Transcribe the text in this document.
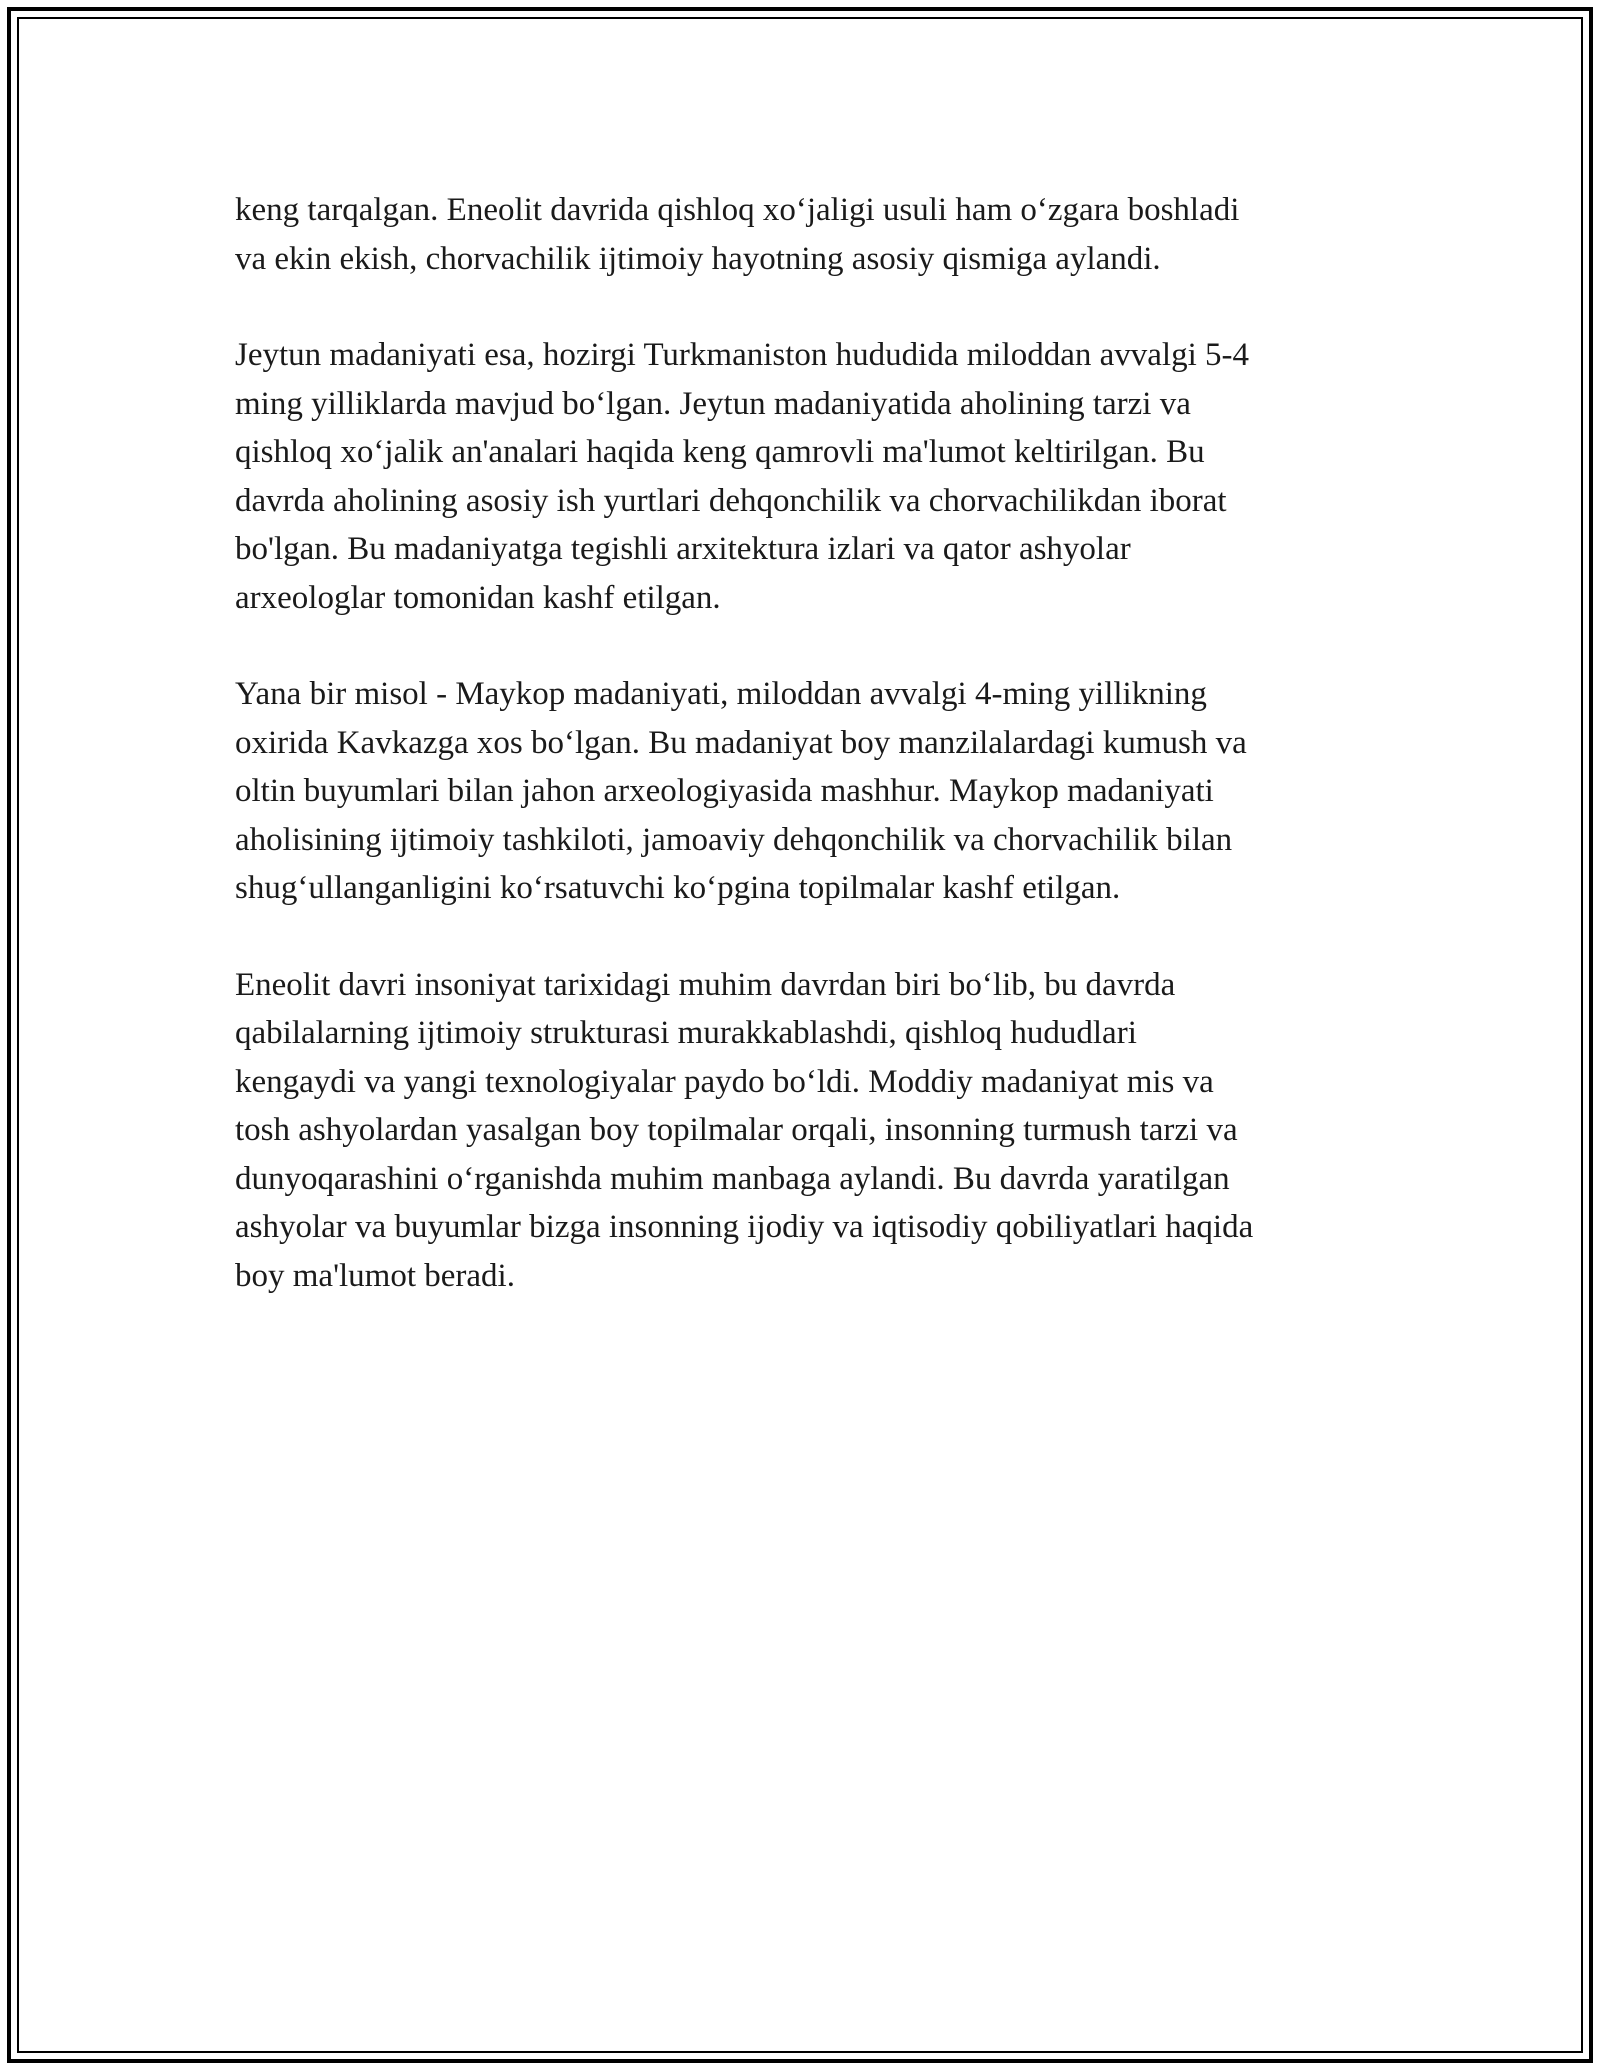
keng tarqalgan. Eneolit davrida qishloq xo‘jaligi usuli ham o‘zgara boshladi
va ekin ekish, chorvachilik ijtimoiy hayotning asosiy qismiga aylandi.

Jeytun madaniyati esa, hozirgi Turkmaniston hududida miloddan avvalgi 5-4
ming yilliklarda mavjud bo‘lgan. Jeytun madaniyatida aholining tarzi va
qishloq xo‘jalik an'analari haqida keng qamrovli ma'lumot keltirilgan. Bu
davrda aholining asosiy ish yurtlari dehqonchilik va chorvachilikdan iborat
bo'lgan. Bu madaniyatga tegishli arxitektura izlari va qator ashyolar
arxeologlar tomonidan kashf etilgan.

Yana bir misol - Maykop madaniyati, miloddan avvalgi 4-ming yillikning
oxirida Kavkazga xos bo‘lgan. Bu madaniyat boy manzilalardagi kumush va
oltin buyumlari bilan jahon arxeologiyasida mashhur. Maykop madaniyati
aholisining ijtimoiy tashkiloti, jamoaviy dehqonchilik va chorvachilik bilan
shug‘ullanganligini ko‘rsatuvchi ko‘pgina topilmalar kashf etilgan.

Eneolit davri insoniyat tarixidagi muhim davrdan biri bo‘lib, bu davrda
qabilalarning ijtimoiy strukturasi murakkablashdi, qishloq hududlari
kengaydi va yangi texnologiyalar paydo bo‘ldi. Moddiy madaniyat mis va
tosh ashyolardan yasalgan boy topilmalar orqali, insonning turmush tarzi va
dunyoqarashini o‘rganishda muhim manbaga aylandi. Bu davrda yaratilgan
ashyolar va buyumlar bizga insonning ijodiy va iqtisodiy qobiliyatlari haqida
boy ma'lumot beradi.
